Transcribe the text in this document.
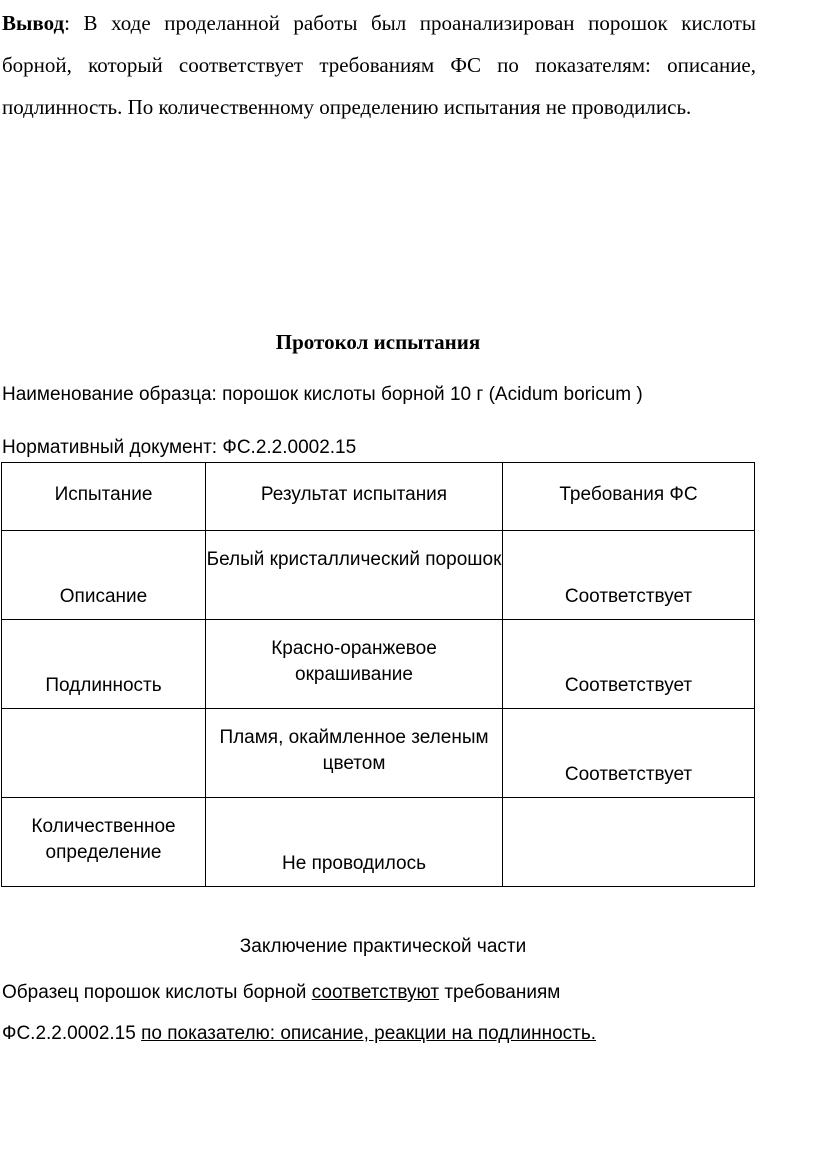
Вывод: В ходе проделанной работы был проанализирован порошок кислоты
борной, который соответствует требованиям ФС по показателям: описание,
подлинность. По количественному определению испытания не проводились.
Протокол испытания
Наименование образца: порошок кислоты борной 10 г (Acidum boricum )
Нормативный документ: ФС.2.2.0002.15
Испытание	Результат испытания	Требования ФС

Описание	Белый кристаллический порошок	Соответствует

Подлинность	Красно-оранжевое окрашивание	Соответствует

	Пламя, окаймленное зеленым цветом	Соответствует

Количественное определение	Не проводилось	

Заключение практической части
Образец порошок кислоты борной соответствуют требованиям
ФС.2.2.0002.15 по показателю: описание, реакции на подлинность.
